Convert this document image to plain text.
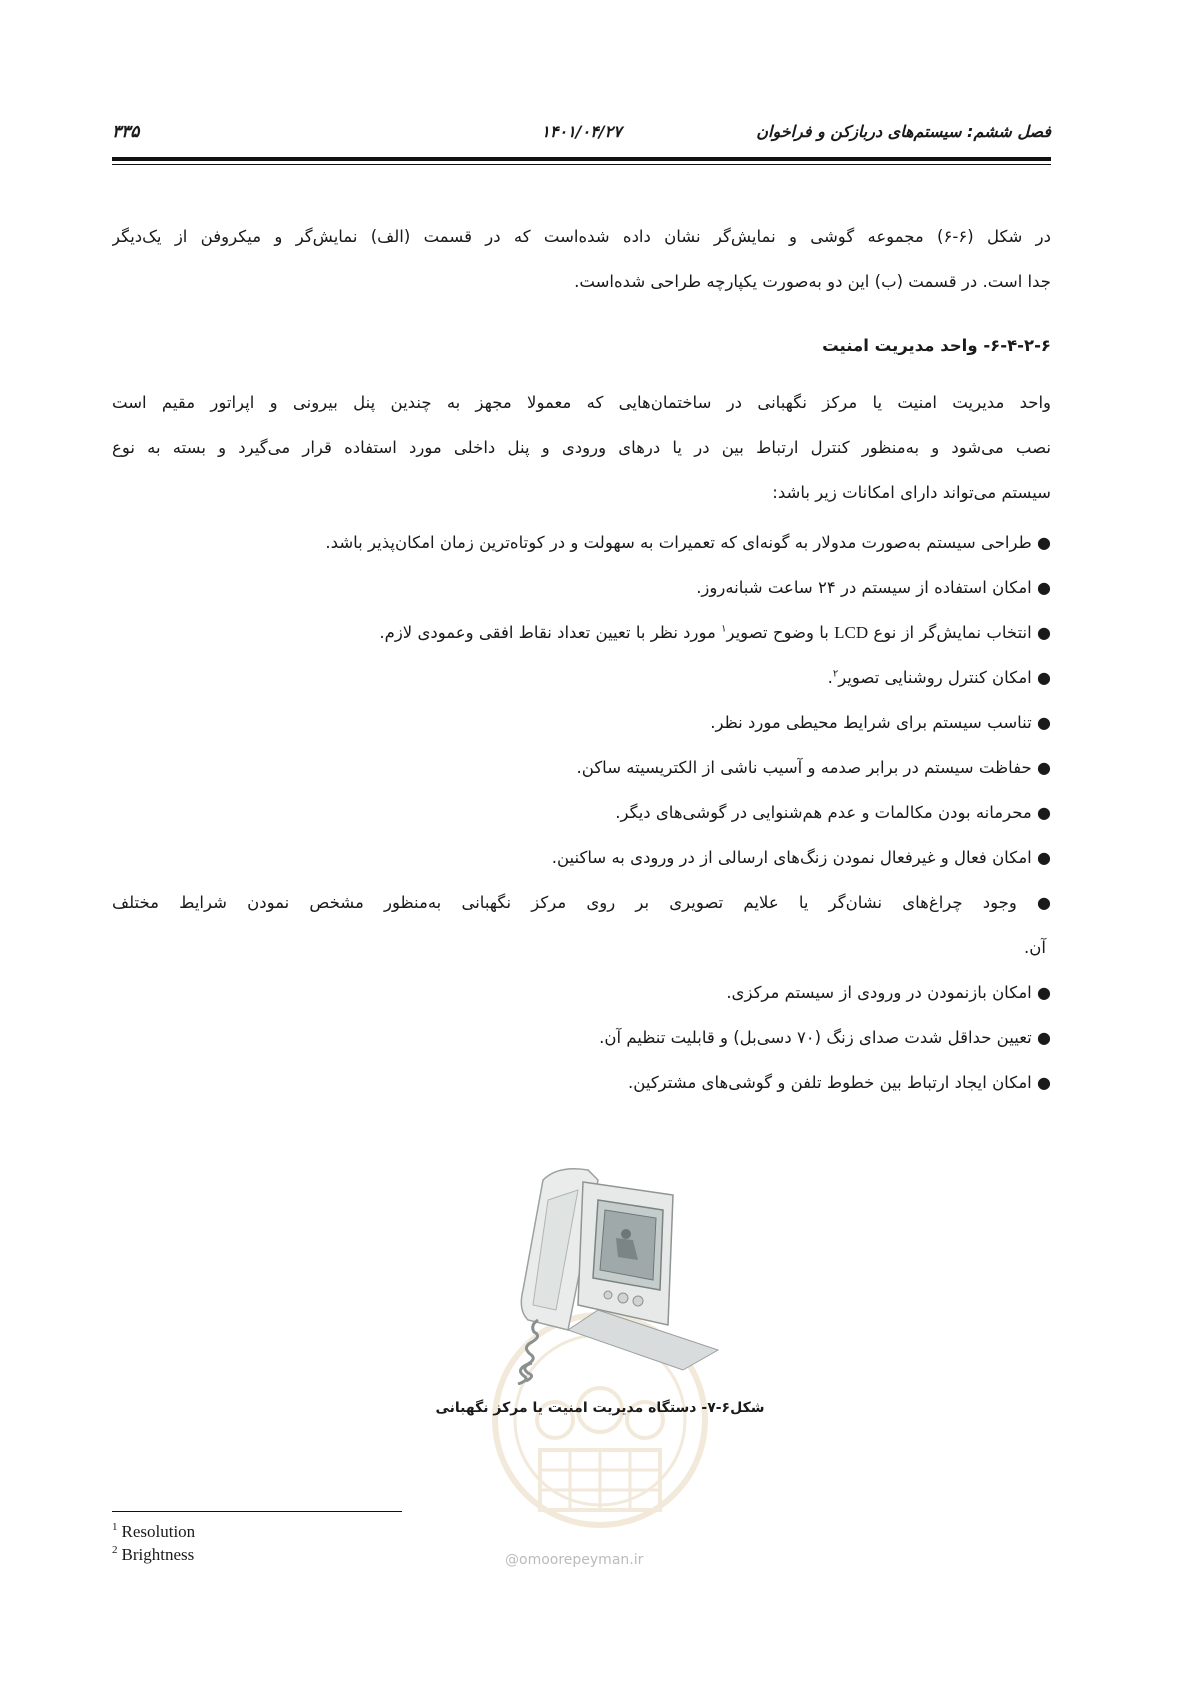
فصل ششم: سیستم‌های دربازکن و فراخوان
۱۴۰۱/۰۴/۲۷
۳۳۵
در شکل (۶-۶) مجموعه گوشی و نمایش‌گر نشان داده شده‌است که در قسمت (الف) نمایش‌گر و میکروفن از یک‌دیگر
جدا است. در قسمت (ب) این دو به‌صورت یکپارچه طراحی شده‌است.
۶-۴-۲-۶- واحد مدیریت امنیت
واحد مدیریت امنیت یا مرکز نگهبانی در ساختمان‌هایی که معمولا مجهز به چندین پنل بیرونی و اپراتور مقیم است
نصب می‌شود و به‌منظور کنترل ارتباط بین در یا درهای ورودی و پنل داخلی مورد استفاده قرار می‌گیرد و بسته به نوع
سیستم می‌تواند دارای امکانات زیر باشد:
● طراحی سیستم به‌صورت مدولار به گونه‌ای که تعمیرات به سهولت و در کوتاه‌ترین زمان امکان‌پذیر باشد.
● امکان استفاده از سیستم در ۲۴ ساعت شبانه‌روز.
● انتخاب نمایش‌گر از نوع LCD با وضوح تصویر$^۱$ مورد نظر با تعیین تعداد نقاط افقی وعمودی لازم.
● امکان کنترل روشنایی تصویر$^۲$.
● تناسب سیستم برای شرایط محیطی مورد نظر.
● حفاظت سیستم در برابر صدمه و آسیب ناشی از الکتریسیته ساکن.
● محرمانه بودن مکالمات و عدم هم‌شنوایی در گوشی‌های دیگر.
● امکان فعال و غیرفعال نمودن زنگ‌های ارسالی از در ورودی به ساکنین.
● وجود چراغ‌های نشان‌گر یا علایم تصویری بر روی مرکز نگهبانی به‌منظور مشخص نمودن شرایط مختلف
آن.
● امکان بازنمودن در ورودی از سیستم مرکزی.
● تعیین حداقل شدت صدای زنگ (۷۰ دسی‌بل) و قابلیت تنظیم آن.
● امکان ایجاد ارتباط بین خطوط تلفن و گوشی‌های مشترکین.
شکل۶-۷- دستگاه مدیریت امنیت یا مرکز نگهبانی
@omoorepeyman.ir
$^1$ Resolution
$^2$ Brightness
